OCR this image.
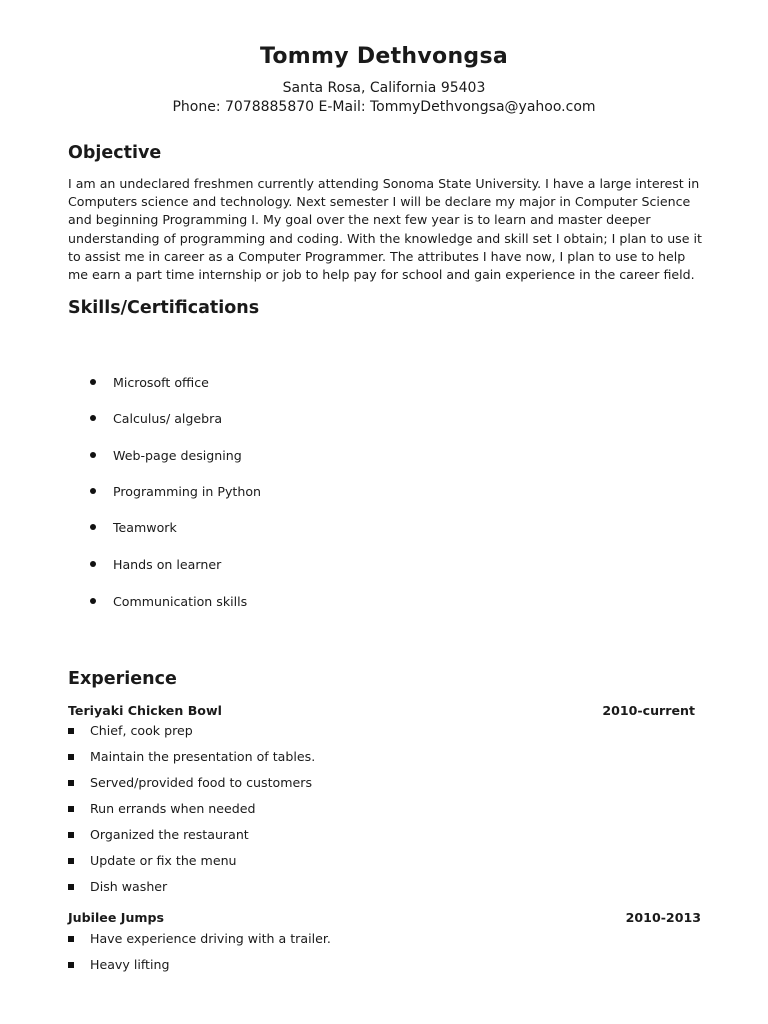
Tommy Dethvongsa
Santa Rosa, California 95403
Phone: 7078885870 E-Mail: TommyDethvongsa@yahoo.com
Objective
I am an undeclared freshmen currently attending Sonoma State University. I have a large interest in
Computers science and technology. Next semester I will be declare my major in Computer Science
and beginning Programming I. My goal over the next few year is to learn and master deeper
understanding of programming and coding. With the knowledge and skill set I obtain; I plan to use it
to assist me in career as a Computer Programmer. The attributes I have now, I plan to use to help
me earn a part time internship or job to help pay for school and gain experience in the career field.
Skills/Certifications
Microsoft office
Calculus/ algebra
Web-page designing
Programming in Python
Teamwork
Hands on learner
Communication skills
Experience
Teriyaki Chicken Bowl	2010-current
Chief, cook prep
Maintain the presentation of tables.
Served/provided food to customers
Run errands when needed
Organized the restaurant
Update or fix the menu
Dish washer
Jubilee Jumps	2010-2013
Have experience driving with a trailer.
Heavy lifting
